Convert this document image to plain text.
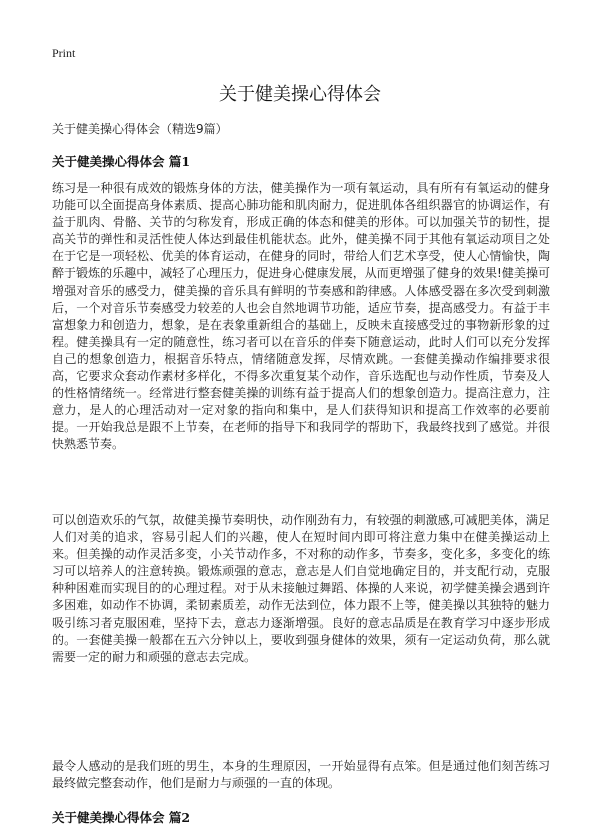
Print
关于健美操心得体会
关于健美操心得体会（精选9篇）
关于健美操心得体会 篇1

练习是一种很有成效的锻炼身体的方法，健美操作为一项有氧运动，具有所有有氧运动的健身功能可以全面提高身体素质、提高心肺功能和肌肉耐力，促进肌体各组织器官的协调运作，有益于肌肉、骨骼、关节的匀称发育，形成正确的体态和健美的形体。可以加强关节的韧性，提高关节的弹性和灵活性使人体达到最佳机能状态。此外，健美操不同于其他有氧运动项目之处在于它是一项轻松、优美的体育运动，在健身的同时，带给人们艺术享受，使人心情愉快，陶醉于锻炼的乐趣中，减轻了心理压力，促进身心健康发展，从而更增强了健身的效果!健美操可增强对音乐的感受力，健美操的音乐具有鲜明的节奏感和韵律感。人体感受器在多次受到刺激后，一个对音乐节奏感受力较差的人也会自然地调节功能，适应节奏，提高感受力。有益于丰富想象力和创造力，想象，是在表象重新组合的基础上，反映未直接感受过的事物新形象的过程。健美操具有一定的随意性，练习者可以在音乐的伴奏下随意运动，此时人们可以充分发挥自己的想象创造力，根据音乐特点，情绪随意发挥，尽情欢跳。一套健美操动作编排要求很高，它要求众套动作素材多样化，不得多次重复某个动作，音乐选配也与动作性质，节奏及人的性格情绪统一。经常进行整套健美操的训练有益于提高人们的想象创造力。提高注意力，注意力，是人的心理活动对一定对象的指向和集中，是人们获得知识和提高工作效率的必要前提。一开始我总是跟不上节奏，在老师的指导下和我同学的帮助下，我最终找到了感觉。并很快熟悉节奏。

可以创造欢乐的气氛，故健美操节奏明快，动作刚劲有力，有较强的刺激感,可减肥美体，满足人们对美的追求，容易引起人们的兴趣，使人在短时间内即可将注意力集中在健美操运动上来。但美操的动作灵活多变，小关节动作多，不对称的动作多，节奏多，变化多，多变化的练习可以培养人的注意转换。锻炼顽强的意志，意志是人们自觉地确定目的，并支配行动，克服种种困难而实现目的的心理过程。对于从未接触过舞蹈、体操的人来说，初学健美操会遇到许多困难，如动作不协调，柔韧素质差，动作无法到位，体力跟不上等，健美操以其独特的魅力吸引练习者克服困难，坚持下去，意志力逐渐增强。良好的意志品质是在教育学习中逐步形成的。一套健美操一般都在五六分钟以上，要收到强身健体的效果，须有一定运动负荷，那么就需要一定的耐力和顽强的意志去完成。

最令人感动的是我们班的男生，本身的生理原因，一开始显得有点笨。但是通过他们刻苦练习最终做完整套动作，他们是耐力与顽强的一直的体现。

关于健美操心得体会 篇2
